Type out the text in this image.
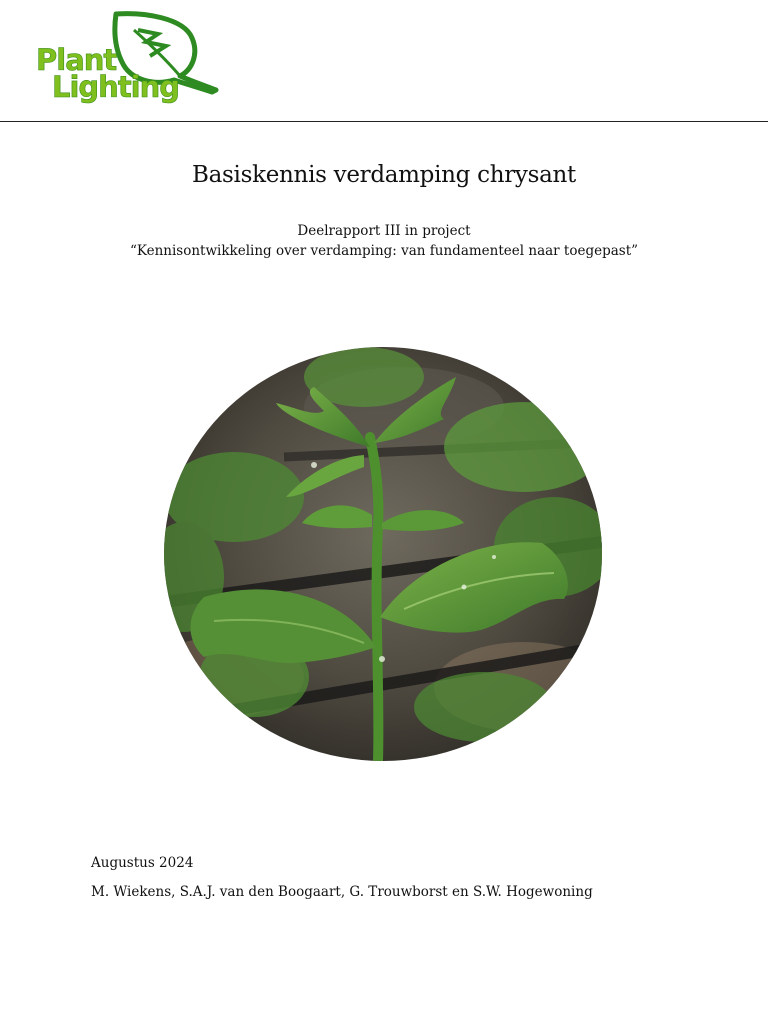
Plant
Lighting
Basiskennis verdamping chrysant

Deelrapport III in project

“Kennisontwikkeling over verdamping: van fundamenteel naar toegepast”

Augustus 2024
M. Wiekens, S.A.J. van den Boogaart, G. Trouwborst en S.W. Hogewoning
